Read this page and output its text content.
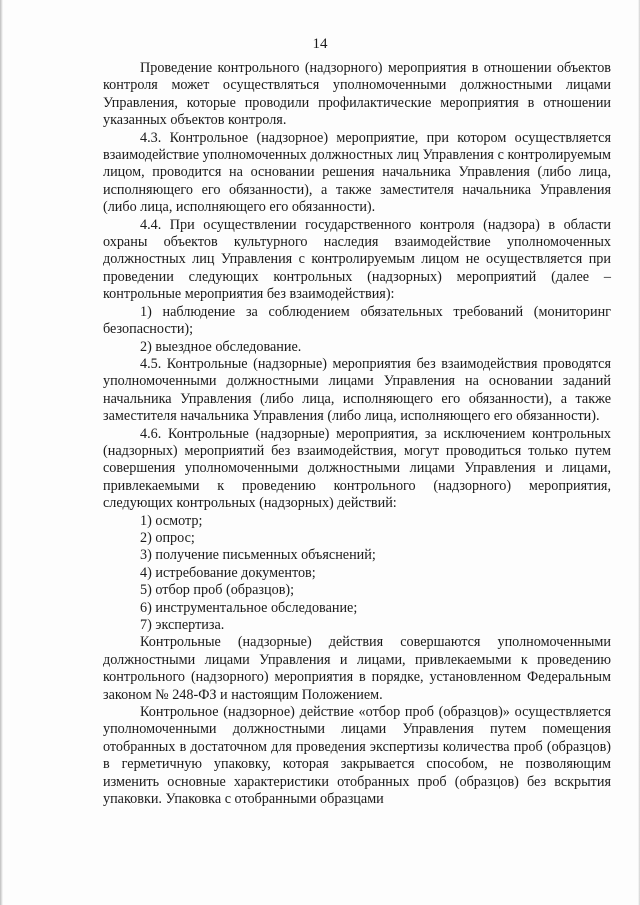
14

Проведение контрольного (надзорного) мероприятия в отношении объектов контроля может осуществляться уполномоченными должностными лицами Управления, которые проводили профилактические мероприятия в отношении указанных объектов контроля.

4.3. Контрольное (надзорное) мероприятие, при котором осуществляется взаимодействие уполномоченных должностных лиц Управления с контролируемым лицом, проводится на основании решения начальника Управления (либо лица, исполняющего его обязанности), а также заместителя начальника Управления (либо лица, исполняющего его обязанности).

4.4. При осуществлении государственного контроля (надзора) в области охраны объектов культурного наследия взаимодействие уполномоченных должностных лиц Управления с контролируемым лицом не осуществляется при проведении следующих контрольных (надзорных) мероприятий (далее – контрольные мероприятия без взаимодействия):

1) наблюдение за соблюдением обязательных требований (мониторинг безопасности);

2) выездное обследование.

4.5. Контрольные (надзорные) мероприятия без взаимодействия проводятся уполномоченными должностными лицами Управления на основании заданий начальника Управления (либо лица, исполняющего его обязанности), а также заместителя начальника Управления (либо лица, исполняющего его обязанности).

4.6. Контрольные (надзорные) мероприятия, за исключением контрольных (надзорных) мероприятий без взаимодействия, могут проводиться только путем совершения уполномоченными должностными лицами Управления и лицами, привлекаемыми к проведению контрольного (надзорного) мероприятия, следующих контрольных (надзорных) действий:

1) осмотр;

2) опрос;

3) получение письменных объяснений;

4) истребование документов;

5) отбор проб (образцов);

6) инструментальное обследование;

7) экспертиза.

Контрольные (надзорные) действия совершаются уполномоченными должностными лицами Управления и лицами, привлекаемыми к проведению контрольного (надзорного) мероприятия в порядке, установленном Федеральным законом № 248-ФЗ и настоящим Положением.

Контрольное (надзорное) действие «отбор проб (образцов)» осуществляется уполномоченными должностными лицами Управления путем помещения отобранных в достаточном для проведения экспертизы количества проб (образцов) в герметичную упаковку, которая закрывается способом, не позволяющим изменить основные характеристики отобранных проб (образцов) без вскрытия упаковки. Упаковка с отобранными образцами
